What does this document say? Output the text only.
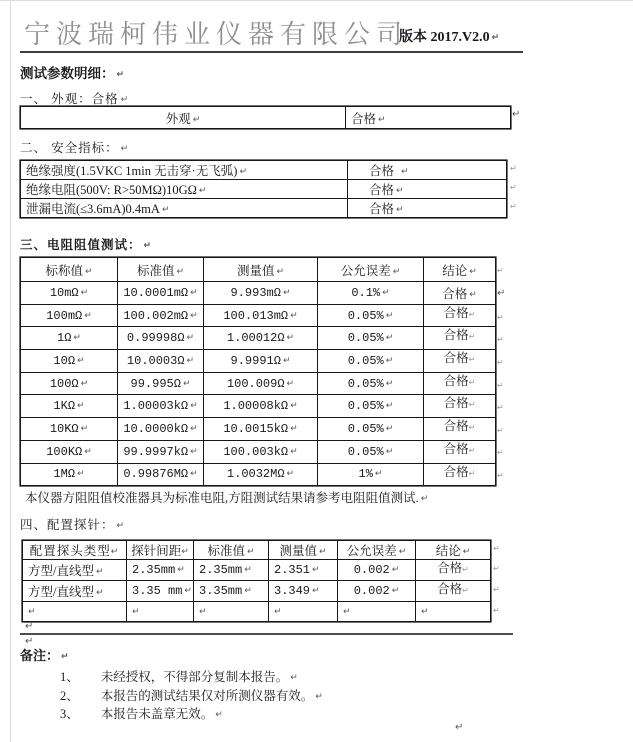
宁波瑞柯伟业仪器有限公司
版本 2017.V2.0 ↵
测试参数明细： ↵
一、 外观：合格 ↵
外观 ↵	合格 ↵	↵
二、 安全指标： ↵
绝缘强度(1.5VKC 1min 无击穿·无飞弧) ↵	合格 ↵
绝缘电阻(500V: R>50MΩ)10GΩ ↵	合格 ↵
泄漏电流(≤3.6mA)0.4mA ↵	合格 ↵
↵
↵
↵
三、电阻阻值测试： ↵
标称值 ↵	标准值 ↵	测量值 ↵	公允误差 ↵	结论 ↵
10mΩ ↵	10.0001mΩ ↵	9.993mΩ ↵	0.1% ↵	合格 ↵
100mΩ ↵	100.002mΩ ↵	100.013mΩ ↵	0.05% ↵	合格↵
1Ω ↵	0.99998Ω ↵	1.00012Ω ↵	0.05% ↵	合格↵
10Ω ↵	10.0003Ω ↵	9.9991Ω ↵	0.05% ↵	合格↵
100Ω ↵	99.995Ω ↵	100.009Ω ↵	0.05% ↵	合格↵
1KΩ ↵	1.00003kΩ ↵	1.00008kΩ ↵	0.05% ↵	合格↵
10KΩ ↵	10.0000kΩ ↵	10.0015kΩ ↵	0.05% ↵	合格↵
100KΩ ↵	99.9997kΩ ↵	100.003kΩ ↵	0.05% ↵	合格↵
1MΩ ↵	0.99876MΩ ↵	1.0032MΩ ↵	1% ↵	合格↵
↵
↵
↵
↵
↵
↵
↵
↵
↵
↵
本仪器方阻阻值校准器具为标准电阻,方阻测试结果请参考电阻阻值测试. ↵
四、配置探针： ↵
配置探头类型↵	探针间距↵	标准值 ↵	测量值 ↵	公允误差 ↵	结论 ↵
方型/直线型 ↵	2.35mm ↵	2.35mm ↵	2.351 ↵	0.002 ↵	合格↵
方型/直线型 ↵	3.35 mm ↵	3.35mm ↵	3.349 ↵	0.002 ↵	合格↵
↵	↵	↵	↵	↵	↵
↵
↵
↵
↵
↵
↵
备注： ↵
1、 未经授权，不得部分复制本报告。 ↵
2、 本报告的测试结果仅对所测仪器有效。 ↵
3、 本报告未盖章无效。 ↵
↵
